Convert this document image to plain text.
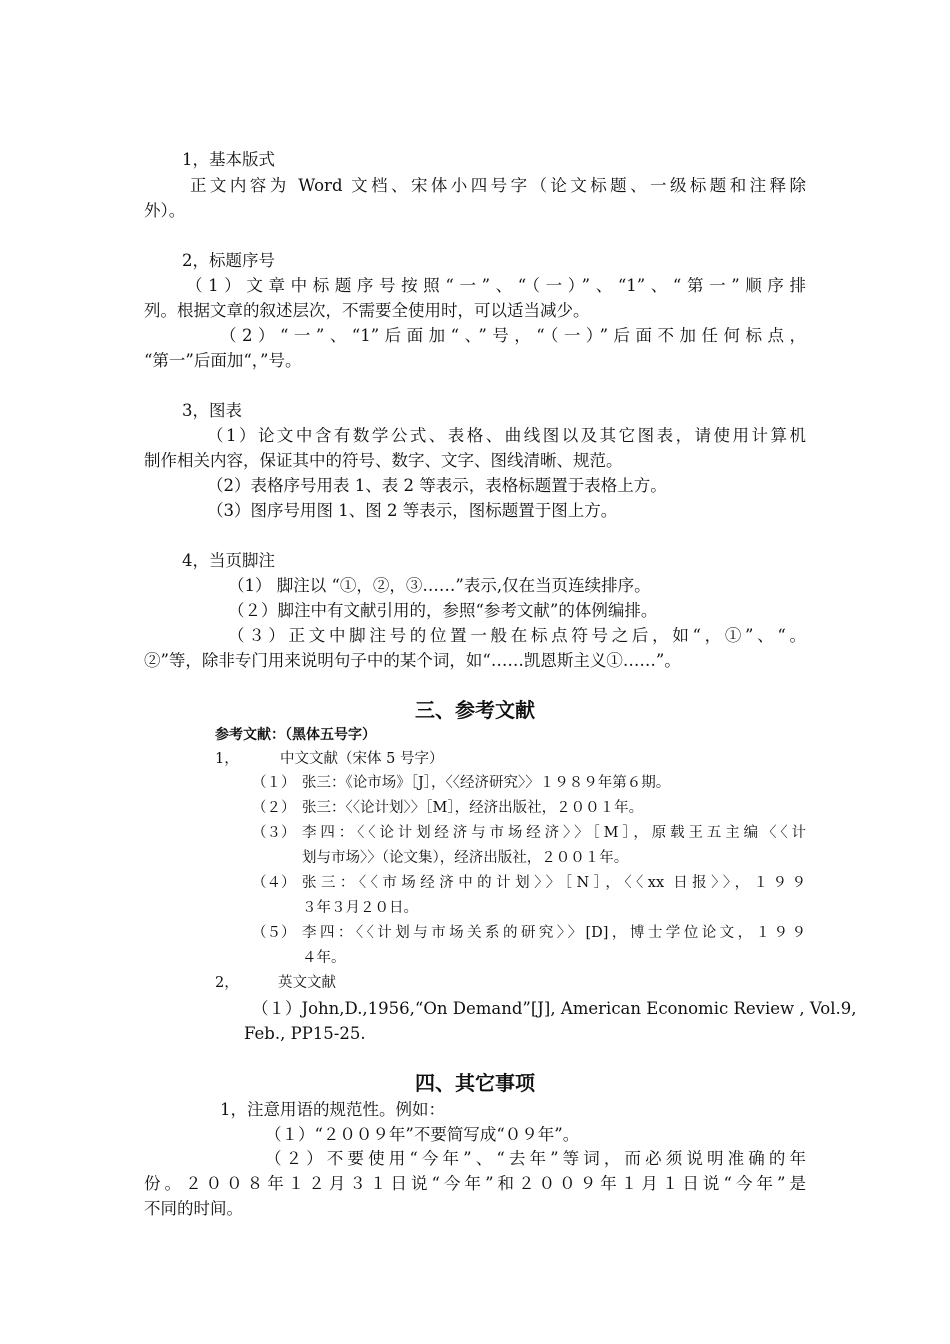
1，基本版式
正文内容为 Word 文档、宋体小四号字（论文标题、一级标题和注释除
外）。
2，标题序号
（1）文章中标题序号按照“一”、“（一）”、“1”、“第一”顺序排
列。根据文章的叙述层次，不需要全使用时，可以适当减少。
（2）“一”、“1”后面加“、”号，“（一）”后面不加任何标点，
“第一”后面加“，”号。
3，图表
（1）论文中含有数学公式、表格、曲线图以及其它图表，请使用计算机
制作相关内容，保证其中的符号、数字、文字、图线清晰、规范。
（2）表格序号用表 1、表 2 等表示，表格标题置于表格上方。
（3）图序号用图 1、图 2 等表示，图标题置于图上方。
4，当页脚注
（1） 脚注以 “①，②，③……”表示,仅在当页连续排序。
（２）脚注中有文献引用的，参照“参考文献”的体例编排。
（３）正文中脚注号的位置一般在标点符号之后，如“，①”、“。
②”等，除非专门用来说明句子中的某个词，如“……凯恩斯主义①……”。
三、参考文献
参考文献：（黑体五号字）
1，	中文文献（宋体 5 号字）
（１） 张三：《论市场》［J］，〈〈经济研究〉〉１９８９年第６期。
（２） 张三：〈〈论计划〉〉［M］，经济出版社，２００１年。
（３） 李四：〈〈论计划经济与市场经济〉〉［M］，原载王五主编〈〈计
划与市场〉〉（论文集），经济出版社，２００１年。
（４） 张三：〈〈市场经济中的计划〉〉［N］，〈〈xx 日报〉〉，１９９
３年３月２０日。
（５） 李四：〈〈计划与市场关系的研究〉〉[D]，博士学位论文，１９９
４年。
2，	英文文献
（１）John,D.,1956,“On Demand”[J], American Economic Review , Vol.9,
Feb., PP15-25.
四、其它事项
1，注意用语的规范性。例如：
（１）“２００９年”不要简写成“０９年”。
（２）不要使用“今年”、“去年”等词，而必须说明准确的年
份。２００８年１２月３１日说“今年”和２００９年１月１日说“今年”是
不同的时间。
